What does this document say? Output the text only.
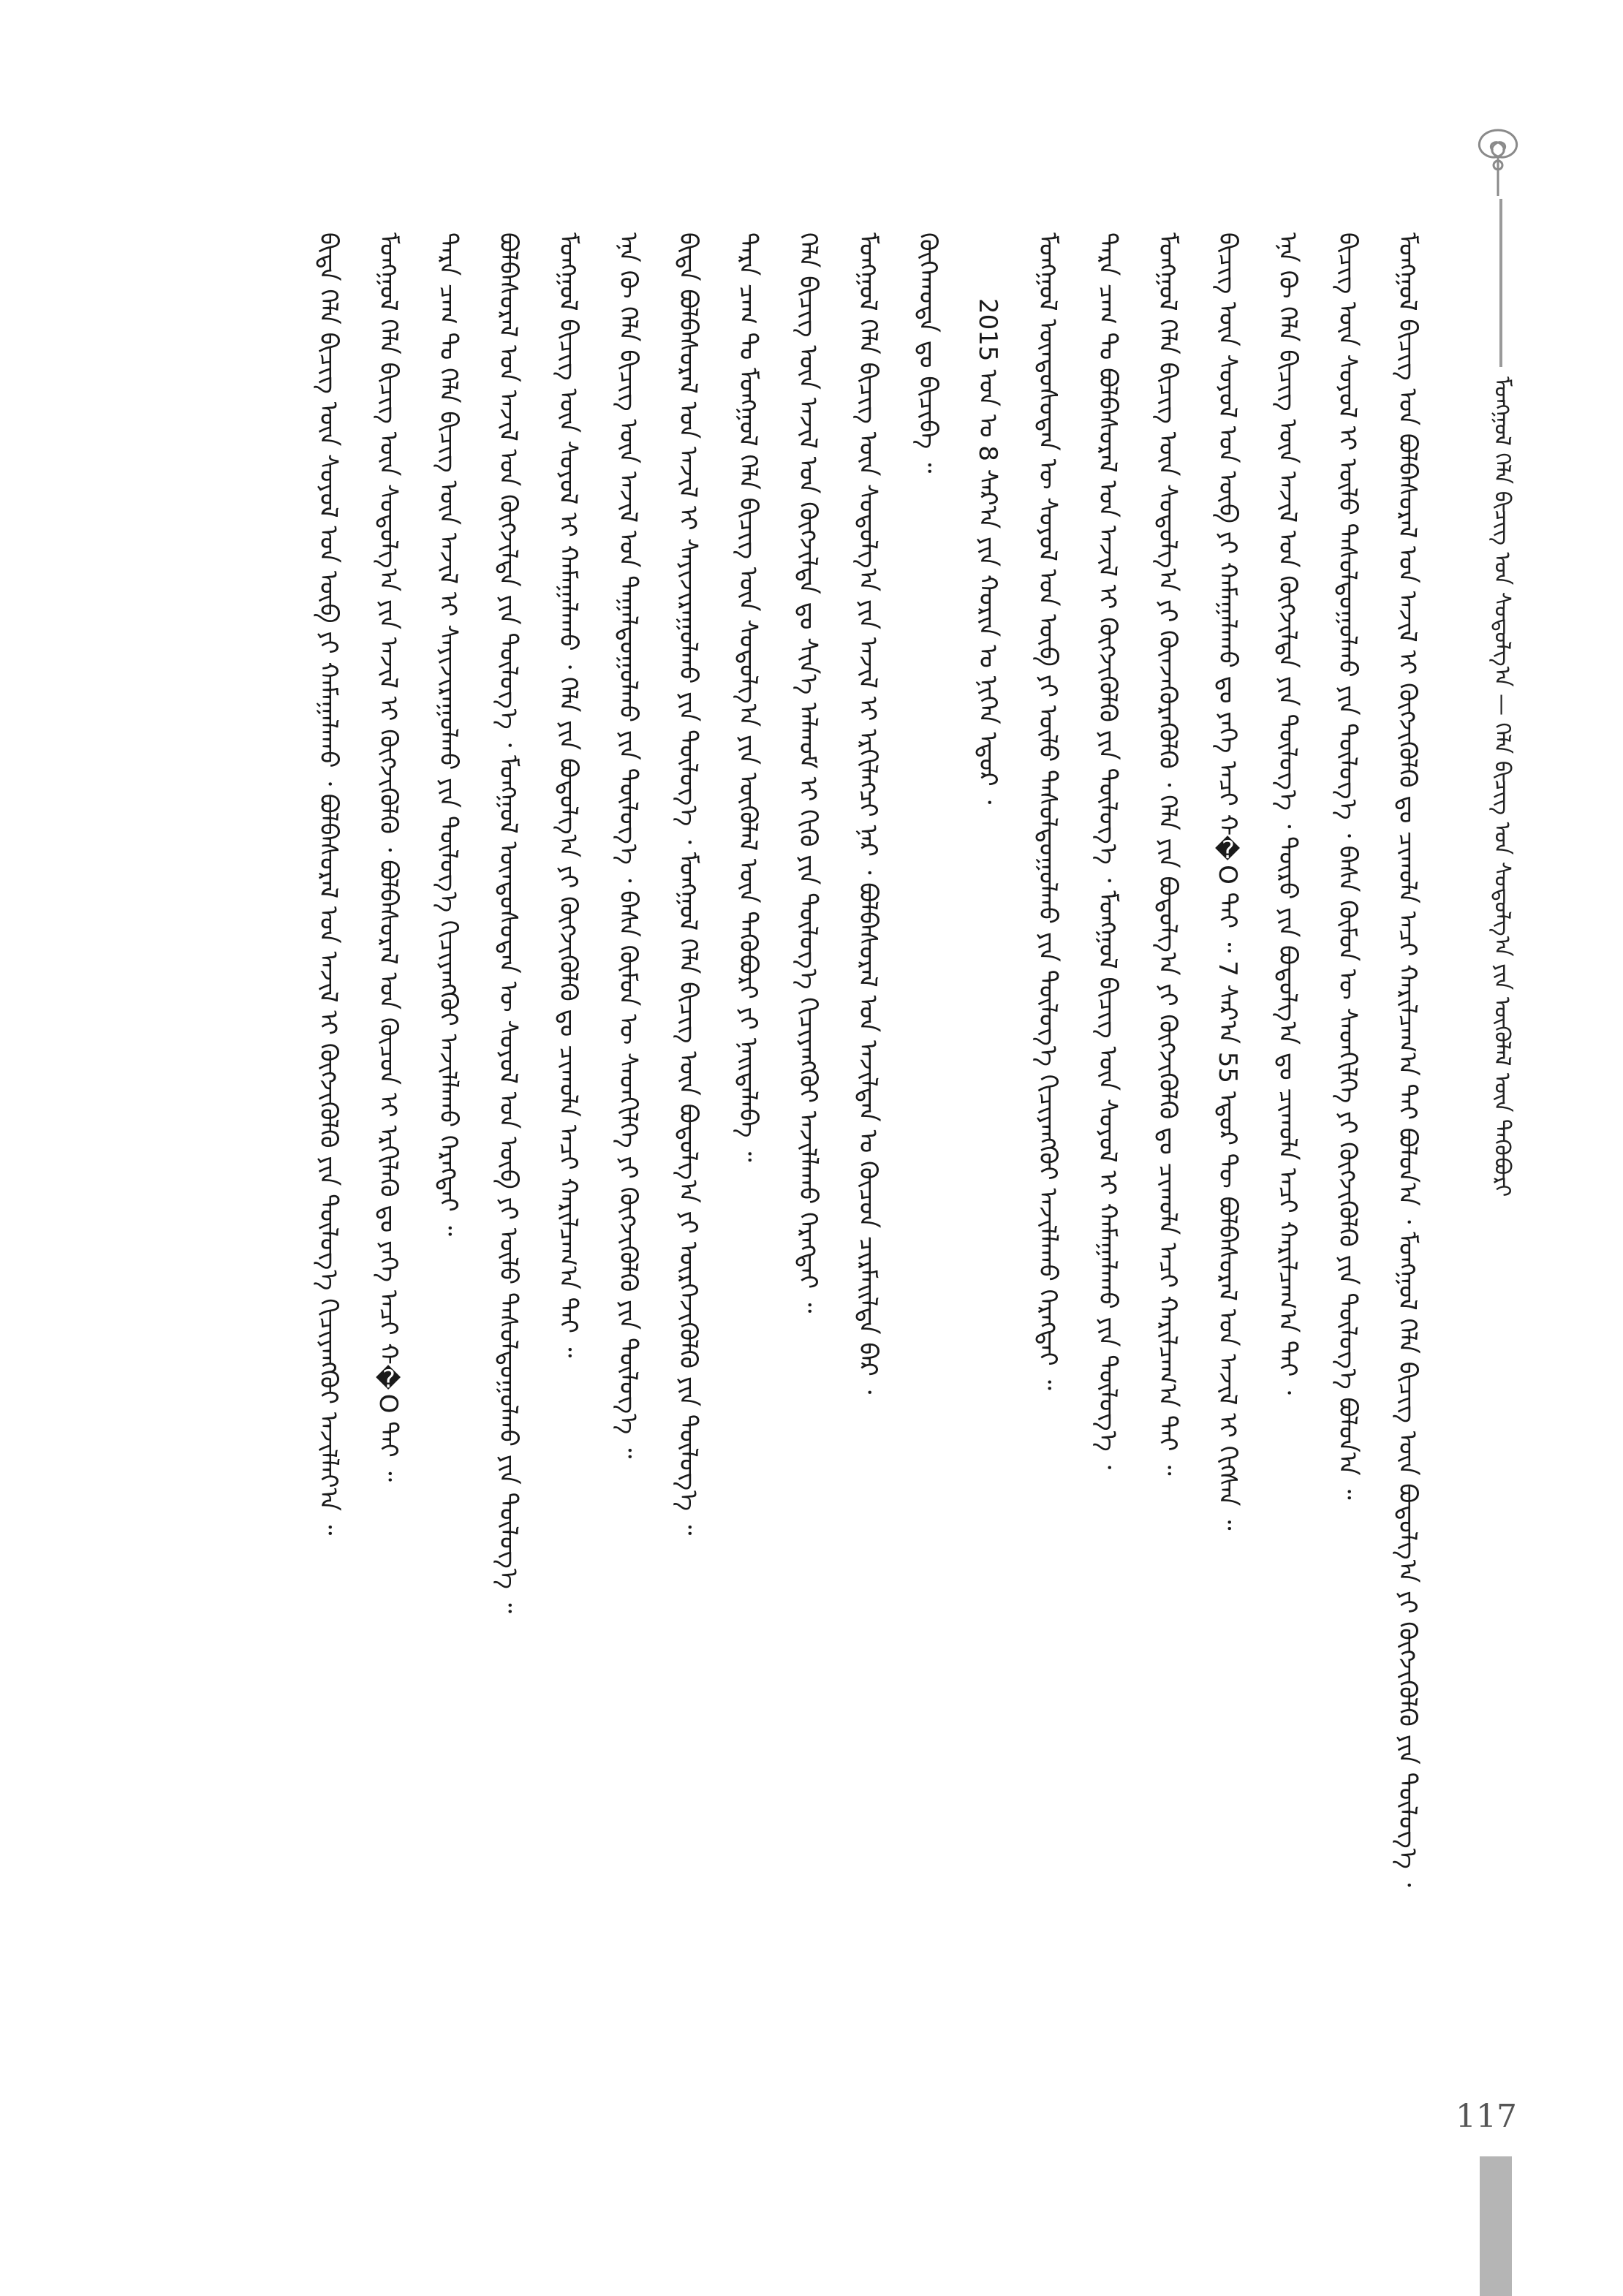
ᠮᠣᠩᠭᠣᠯ ᠬᠡᠯᠡ ᠪᠢᠴᠢᠭ ᠤᠨ ᠰᠣᠳᠤᠯᠭ᠎ᠠ — ᠬᠡᠯᠡ ᠪᠢᠴᠢᠭ ᠤᠨ ᠰᠣᠳᠤᠯᠭ᠎ᠠ ᠶᠢᠨ ᠥᠭᠦᠯᠡᠯ ᠦᠨ ᠲᠡᠭᠦᠪᠦᠷᠢ
ᠮᠣᠩᠭᠣᠯ ᠪᠢᠴᠢᠭ ᠤᠨ ᠪᠣᠯᠪᠠᠰᠤᠷᠠᠯ ᠤᠨ ᠠᠵᠢᠯ ᠢ ᠬᠥᠭᠵᠢᠭᠦᠯᠬᠦ ᠳᠤ ᠴᠢᠬᠤᠯᠠ ᠠᠴᠢ ᠬᠠᠷᠢᠯᠴᠠᠭ᠎ᠠ ᠲᠠᠢ ᠪᠣᠯᠤᠨ᠎ᠠ ᠂ ᠮᠣᠩᠭᠣᠯ ᠬᠡᠯᠡ ᠪᠢᠴᠢᠭ ᠦᠨ ᠪᠣᠳᠤᠯᠭ᠎ᠠ ᠶᠢ ᠬᠥᠭᠵᠢᠭᠦᠯᠬᠦ ᠶᠢᠨ ᠲᠥᠯᠥᠭ᠎ᠡ ᠂
ᠪᠢᠴᠢᠭ ᠦᠨ ᠰᠣᠶᠣᠯ ᠢ ᠦᠯᠦ ᠳᠠᠰᠤᠯᠳᠤᠭᠤᠯᠬᠤ ᠶᠢᠨ ᠲᠥᠯᠥᠭ᠎ᠡ ᠂ ᠪᠠᠰᠠ ᠬᠦᠮᠦᠨ ᠦ ᠰᠡᠳᠬᠢᠯᠭᠡ ᠶᠢ ᠬᠥᠭᠵᠢᠭᠦᠯᠬᠦ ᠶᠢᠨ ᠲᠥᠯᠥᠭ᠎ᠡ ᠪᠣᠯᠤᠨ᠎ᠠ ᠃
ᠡᠨᠡ ᠬᠦ ᠬᠡᠯᠡ ᠪᠢᠴᠢᠭ ᠦᠨ ᠠᠵᠢᠯ ᠤᠨ ᠬᠥᠭᠵᠢᠯᠲᠡ ᠶᠢᠨ ᠲᠥᠯᠥᠭ᠎ᠡ ᠂ ᠲᠥᠷᠦ ᠶᠢᠨ ᠪᠣᠳᠣᠯᠭ᠎ᠠ ᠳᠤ ᠴᠢᠬᠤᠯᠠ ᠠᠴᠢ ᠬᠠᠷᠢᠯᠴᠠᠭ᠎ᠠ ᠲᠠᠢ ᠂
ᠪᠢᠴᠢᠭ ᠦᠨ ᠰᠣᠶᠣᠯ ᠤᠨ ᠥᠪ ᠶᠢ ᠬᠠᠮᠠᠭᠠᠯᠠᠬᠤ ᠳᠤ ᠶᠡᠬᠡ ᠠᠴᠢ ᠬ�O ᠲᠠᠢ ᠃ 7 ᠰᠠᠷ᠎ᠠ 55 ᠡᠳᠦᠷ ᠲᠦ ᠪᠣᠯᠪᠠᠰᠤᠷᠠᠯ ᠤᠨ ᠠᠵᠢᠯ ᠢ ᠬᠢᠭᠰᠡᠨ ᠃
ᠮᠣᠩᠭᠣᠯ ᠬᠡᠯᠡ ᠪᠢᠴᠢᠭ ᠦᠨ ᠰᠣᠳᠤᠯᠭ᠎ᠠ ᠶᠢ ᠭᠦᠨᠵᠡᠭᠦᠷᠡᠭᠦᠯᠬᠦ ᠂ ᠬᠡᠯᠡ ᠶᠢᠨ ᠪᠣᠳᠣᠯᠭ᠎ᠠ ᠶᠢ ᠬᠥᠭᠵᠢᠭᠦᠯᠬᠦ ᠳᠤ ᠴᠢᠬᠤᠯᠠ ᠠᠴᠢ ᠬᠠᠷᠢᠯᠴᠠᠭ᠎ᠠ ᠲᠠᠢ ᠃
ᠲᠡᠷᠡ ᠴᠠᠭ ᠲᠤ ᠪᠣᠯᠪᠠᠰᠤᠷᠠᠯ ᠤᠨ ᠠᠵᠢᠯ ᠢ ᠬᠥᠭᠵᠢᠭᠦᠯᠬᠦ ᠶᠢᠨ ᠲᠥᠯᠥᠭ᠎ᠡ ᠂ ᠮᠣᠩᠭᠣᠯ ᠪᠢᠴᠢᠭ ᠦᠨ ᠰᠣᠶᠣᠯ ᠢ ᠬᠠᠮᠠᠭᠠᠯᠠᠬᠤ ᠶᠢᠨ ᠲᠥᠯᠥᠭ᠎ᠡ ᠂
ᠮᠣᠩᠭᠣᠯ ᠦᠨᠳᠦᠰᠦᠲᠡᠨ ᠦ ᠰᠣᠶᠣᠯ ᠤᠨ ᠥᠪ ᠶᠢ ᠦᠯᠦ ᠳᠠᠰᠤᠯᠳᠤᠭᠤᠯᠬᠤ ᠶᠢᠨ ᠲᠥᠯᠥᠭ᠎ᠡ ᠬᠢᠴᠢᠶᠡᠩᠭᠦᠢ ᠠᠵᠢᠯᠯᠠᠬᠤ ᠬᠡᠷᠡᠭᠲᠡᠢ ᠃
2015 ᠣᠨ ᠤ 8 ᠰᠠᠷ᠎ᠠ ᠶᠢᠨ ᠬᠣᠷᠢᠨ ᠤ ᠨᠢᠭᠡᠨ ᠡᠳᠦᠷ ᠂
ᠬᠥᠬᠡᠬᠣᠲᠠ ᠳᠤ ᠪᠢᠴᠢᠪᠡ ᠃
ᠮᠣᠩᠭᠣᠯ ᠬᠡᠯᠡ ᠪᠢᠴᠢᠭ ᠦᠨ ᠰᠣᠳᠤᠯᠭ᠎ᠠ ᠶᠢᠨ ᠠᠵᠢᠯ ᠢ ᠡᠷᠬᠢᠯᠡᠭᠴᠢ ᠨᠠᠷ ᠂ ᠪᠣᠯᠪᠠᠰᠤᠷᠠᠯ ᠤᠨ ᠠᠵᠢᠯᠲᠠᠨ ᠤ ᠬᠦᠴᠦᠨ ᠴᠢᠷᠮᠠᠢᠯᠲᠠ ᠪᠠᠷ ᠂
ᠬᠡᠯᠡ ᠪᠢᠴᠢᠭ ᠦᠨ ᠠᠵᠢᠯ ᠤᠨ ᠬᠥᠭᠵᠢᠯᠲᠡ ᠳᠤ ᠰᠢᠨ᠎ᠡ ᠠᠯᠬᠤᠮ ᠢ ᠬᠢᠬᠦ ᠶᠢᠨ ᠲᠥᠯᠥᠭ᠎ᠡ ᠬᠢᠴᠢᠶᠡᠩᠭᠦᠢ ᠠᠵᠢᠯᠯᠠᠬᠤ ᠬᠡᠷᠡᠭᠲᠡᠢ ᠃
ᠲᠡᠷᠡ ᠴᠠᠭ ᠲᠤ ᠮᠣᠩᠭᠣᠯ ᠬᠡᠯᠡ ᠪᠢᠴᠢᠭ ᠦᠨ ᠰᠣᠳᠤᠯᠭ᠎ᠠ ᠶᠢᠨ ᠥᠭᠦᠯᠡᠯ ᠦᠨ ᠲᠡᠭᠦᠪᠦᠷᠢ ᠶᠢ ᠨᠡᠢᠲᠡᠯᠡᠪᠡ ᠃
ᠪᠢᠳᠡ ᠪᠣᠯᠪᠠᠰᠤᠷᠠᠯ ᠤᠨ ᠠᠵᠢᠯ ᠢ ᠰᠠᠶᠢᠵᠢᠷᠠᠭᠤᠯᠬᠤ ᠶᠢᠨ ᠲᠥᠯᠥᠭ᠎ᠡ ᠂ ᠮᠣᠩᠭᠣᠯ ᠬᠡᠯᠡ ᠪᠢᠴᠢᠭ ᠦᠨ ᠪᠣᠳᠣᠯᠭ᠎ᠠ ᠶᠢ ᠥᠷᠭᠡᠵᠢᠭᠦᠯᠬᠦ ᠶᠢᠨ ᠲᠥᠯᠥᠭ᠎ᠡ ᠃
ᠡᠨᠡ ᠬᠦ ᠬᠡᠯᠡ ᠪᠢᠴᠢᠭ ᠦᠨ ᠠᠵᠢᠯ ᠤᠨ ᠳᠠᠭᠠᠯᠳᠤᠭᠤᠯᠬᠤ ᠶᠢᠨ ᠲᠥᠯᠥᠭ᠎ᠡ ᠂ ᠪᠠᠰᠠ ᠬᠦᠮᠦᠨ ᠦ ᠰᠡᠳᠬᠢᠯᠭᠡ ᠶᠢ ᠬᠥᠭᠵᠢᠭᠦᠯᠬᠦ ᠶᠢᠨ ᠲᠥᠯᠥᠭ᠎ᠡ ᠃
ᠮᠣᠩᠭᠣᠯ ᠪᠢᠴᠢᠭ ᠦᠨ ᠰᠣᠶᠣᠯ ᠢ ᠬᠠᠮᠠᠭᠠᠯᠠᠬᠤ ᠂ ᠬᠡᠯᠡ ᠶᠢᠨ ᠪᠣᠳᠣᠯᠭ᠎ᠠ ᠶᠢ ᠬᠥᠭᠵᠢᠭᠦᠯᠬᠦ ᠳᠤ ᠴᠢᠬᠤᠯᠠ ᠠᠴᠢ ᠬᠠᠷᠢᠯᠴᠠᠭ᠎ᠠ ᠲᠠᠢ ᠃
ᠪᠣᠯᠪᠠᠰᠤᠷᠠᠯ ᠤᠨ ᠠᠵᠢᠯ ᠤᠨ ᠬᠥᠭᠵᠢᠯᠲᠡ ᠶᠢᠨ ᠲᠥᠯᠥᠭ᠎ᠡ ᠂ ᠮᠣᠩᠭᠣᠯ ᠦᠨᠳᠦᠰᠦᠲᠡᠨ ᠦ ᠰᠣᠶᠣᠯ ᠤᠨ ᠥᠪ ᠶᠢ ᠦᠯᠦ ᠳᠠᠰᠤᠯᠳᠤᠭᠤᠯᠬᠤ ᠶᠢᠨ ᠲᠥᠯᠥᠭ᠎ᠡ ᠃
ᠲᠡᠷᠡ ᠴᠠᠭ ᠲᠤ ᠬᠡᠯᠡ ᠪᠢᠴᠢᠭ ᠦᠨ ᠠᠵᠢᠯ ᠢ ᠰᠠᠶᠢᠵᠢᠷᠠᠭᠤᠯᠬᠤ ᠶᠢᠨ ᠲᠥᠯᠥᠭ᠎ᠡ ᠬᠢᠴᠢᠶᠡᠩᠭᠦᠢ ᠠᠵᠢᠯᠯᠠᠬᠤ ᠬᠡᠷᠡᠭᠲᠡᠢ ᠃
ᠮᠣᠩᠭᠣᠯ ᠬᠡᠯᠡ ᠪᠢᠴᠢᠭ ᠦᠨ ᠰᠣᠳᠤᠯᠭ᠎ᠠ ᠶᠢᠨ ᠠᠵᠢᠯ ᠢ ᠬᠥᠭᠵᠢᠭᠦᠯᠬᠦ ᠂ ᠪᠣᠯᠪᠠᠰᠤᠷᠠᠯ ᠤᠨ ᠬᠦᠴᠦᠨ ᠢ ᠡᠷᠬᠢᠯᠡᠬᠦ ᠳᠤ ᠶᠡᠬᠡ ᠠᠴᠢ ᠬ�O ᠲᠠᠢ ᠃
ᠪᠢᠳᠡ ᠬᠡᠯᠡ ᠪᠢᠴᠢᠭ ᠦᠨ ᠰᠣᠶᠣᠯ ᠤᠨ ᠥᠪ ᠶᠢ ᠬᠠᠮᠠᠭᠠᠯᠠᠬᠤ ᠂ ᠪᠣᠯᠪᠠᠰᠤᠷᠠᠯ ᠤᠨ ᠠᠵᠢᠯ ᠢ ᠬᠥᠭᠵᠢᠭᠦᠯᠬᠦ ᠶᠢᠨ ᠲᠥᠯᠥᠭ᠎ᠡ ᠬᠢᠴᠢᠶᠡᠩᠭᠦᠢ ᠠᠵᠢᠯᠯᠠᠶ᠎ᠠ ᠃
117
